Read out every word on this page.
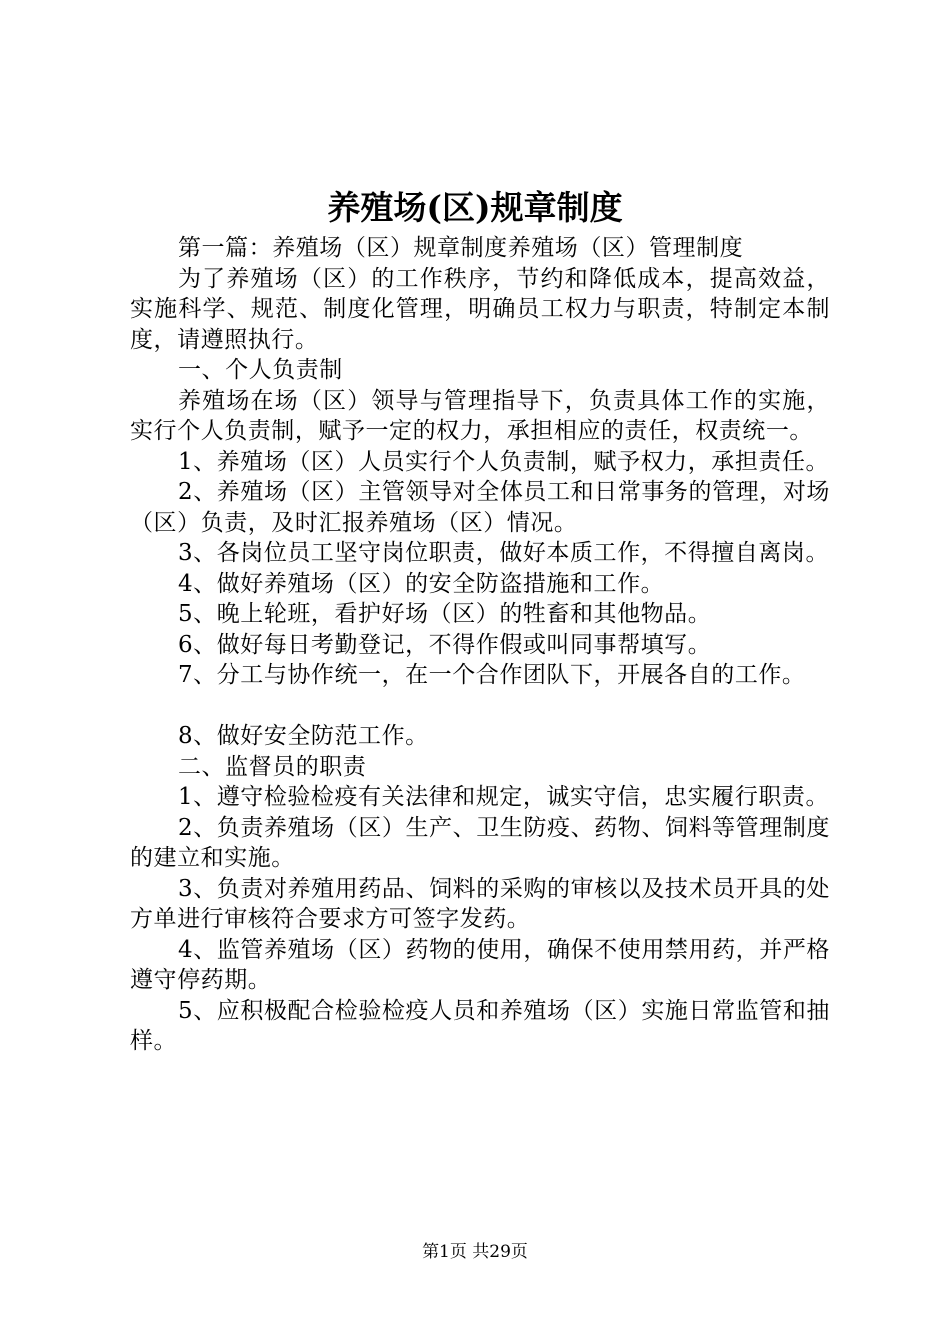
养殖场(区)规章制度

第一篇：养殖场（区）规章制度养殖场（区）管理制度

为了养殖场（区）的工作秩序，节约和降低成本，提高效益，实施科学、规范、制度化管理，明确员工权力与职责，特制定本制度，请遵照执行。

一、个人负责制

养殖场在场（区）领导与管理指导下，负责具体工作的实施，实行个人负责制，赋予一定的权力，承担相应的责任，权责统一。

1、养殖场（区）人员实行个人负责制，赋予权力，承担责任。

2、养殖场（区）主管领导对全体员工和日常事务的管理，对场（区）负责，及时汇报养殖场（区）情况。

3、各岗位员工坚守岗位职责，做好本质工作，不得擅自离岗。

4、做好养殖场（区）的安全防盗措施和工作。

5、晚上轮班，看护好场（区）的牲畜和其他物品。

6、做好每日考勤登记，不得作假或叫同事帮填写。

7、分工与协作统一，在一个合作团队下，开展各自的工作。

8、做好安全防范工作。

二、监督员的职责

1、遵守检验检疫有关法律和规定，诚实守信，忠实履行职责。

2、负责养殖场（区）生产、卫生防疫、药物、饲料等管理制度的建立和实施。

3、负责对养殖用药品、饲料的采购的审核以及技术员开具的处方单进行审核符合要求方可签字发药。

4、监管养殖场（区）药物的使用，确保不使用禁用药，并严格遵守停药期。

5、应积极配合检验检疫人员和养殖场（区）实施日常监管和抽样。

第1页 共29页
